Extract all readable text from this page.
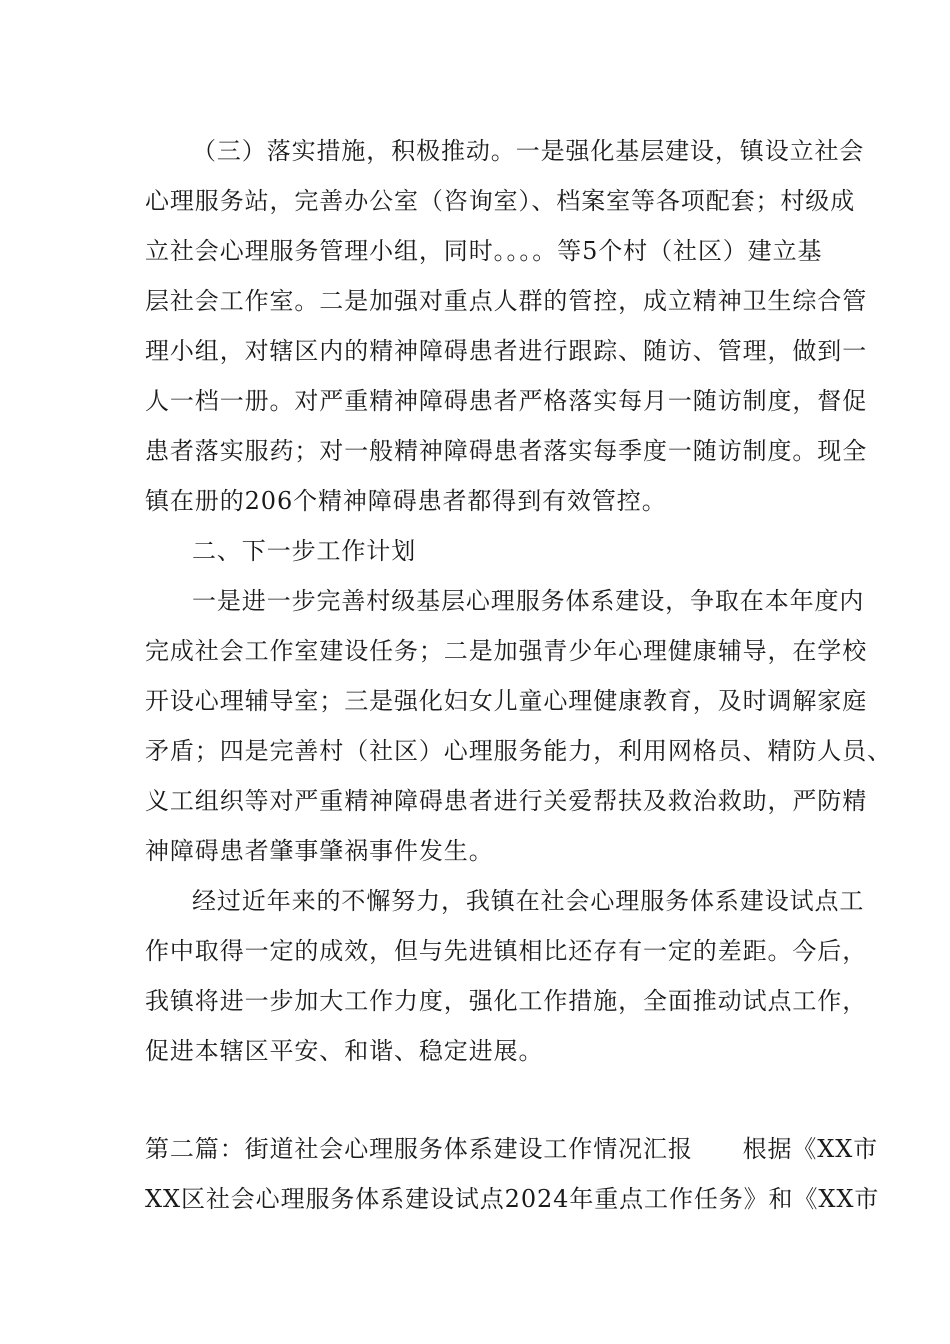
（三）落实措施，积极推动。一是强化基层建设，镇设立社会
心理服务站，完善办公室（咨询室）、档案室等各项配套；村级成
立社会心理服务管理小组，同时。。。。等5个村（社区）建立基
层社会工作室。二是加强对重点人群的管控，成立精神卫生综合管
理小组，对辖区内的精神障碍患者进行跟踪、随访、管理，做到一
人一档一册。对严重精神障碍患者严格落实每月一随访制度，督促
患者落实服药；对一般精神障碍患者落实每季度一随访制度。现全
镇在册的206个精神障碍患者都得到有效管控。
二、下一步工作计划
一是进一步完善村级基层心理服务体系建设，争取在本年度内
完成社会工作室建设任务；二是加强青少年心理健康辅导，在学校
开设心理辅导室；三是强化妇女儿童心理健康教育，及时调解家庭
矛盾；四是完善村（社区）心理服务能力，利用网格员、精防人员、
义工组织等对严重精神障碍患者进行关爱帮扶及救治救助，严防精
神障碍患者肇事肇祸事件发生。
经过近年来的不懈努力，我镇在社会心理服务体系建设试点工
作中取得一定的成效，但与先进镇相比还存有一定的差距。今后，
我镇将进一步加大工作力度，强化工作措施，全面推动试点工作，
促进本辖区平安、和谐、稳定进展。
第二篇：街道社会心理服务体系建设工作情况汇报　　根据《XX市
XX区社会心理服务体系建设试点2024年重点工作任务》和《XX市
